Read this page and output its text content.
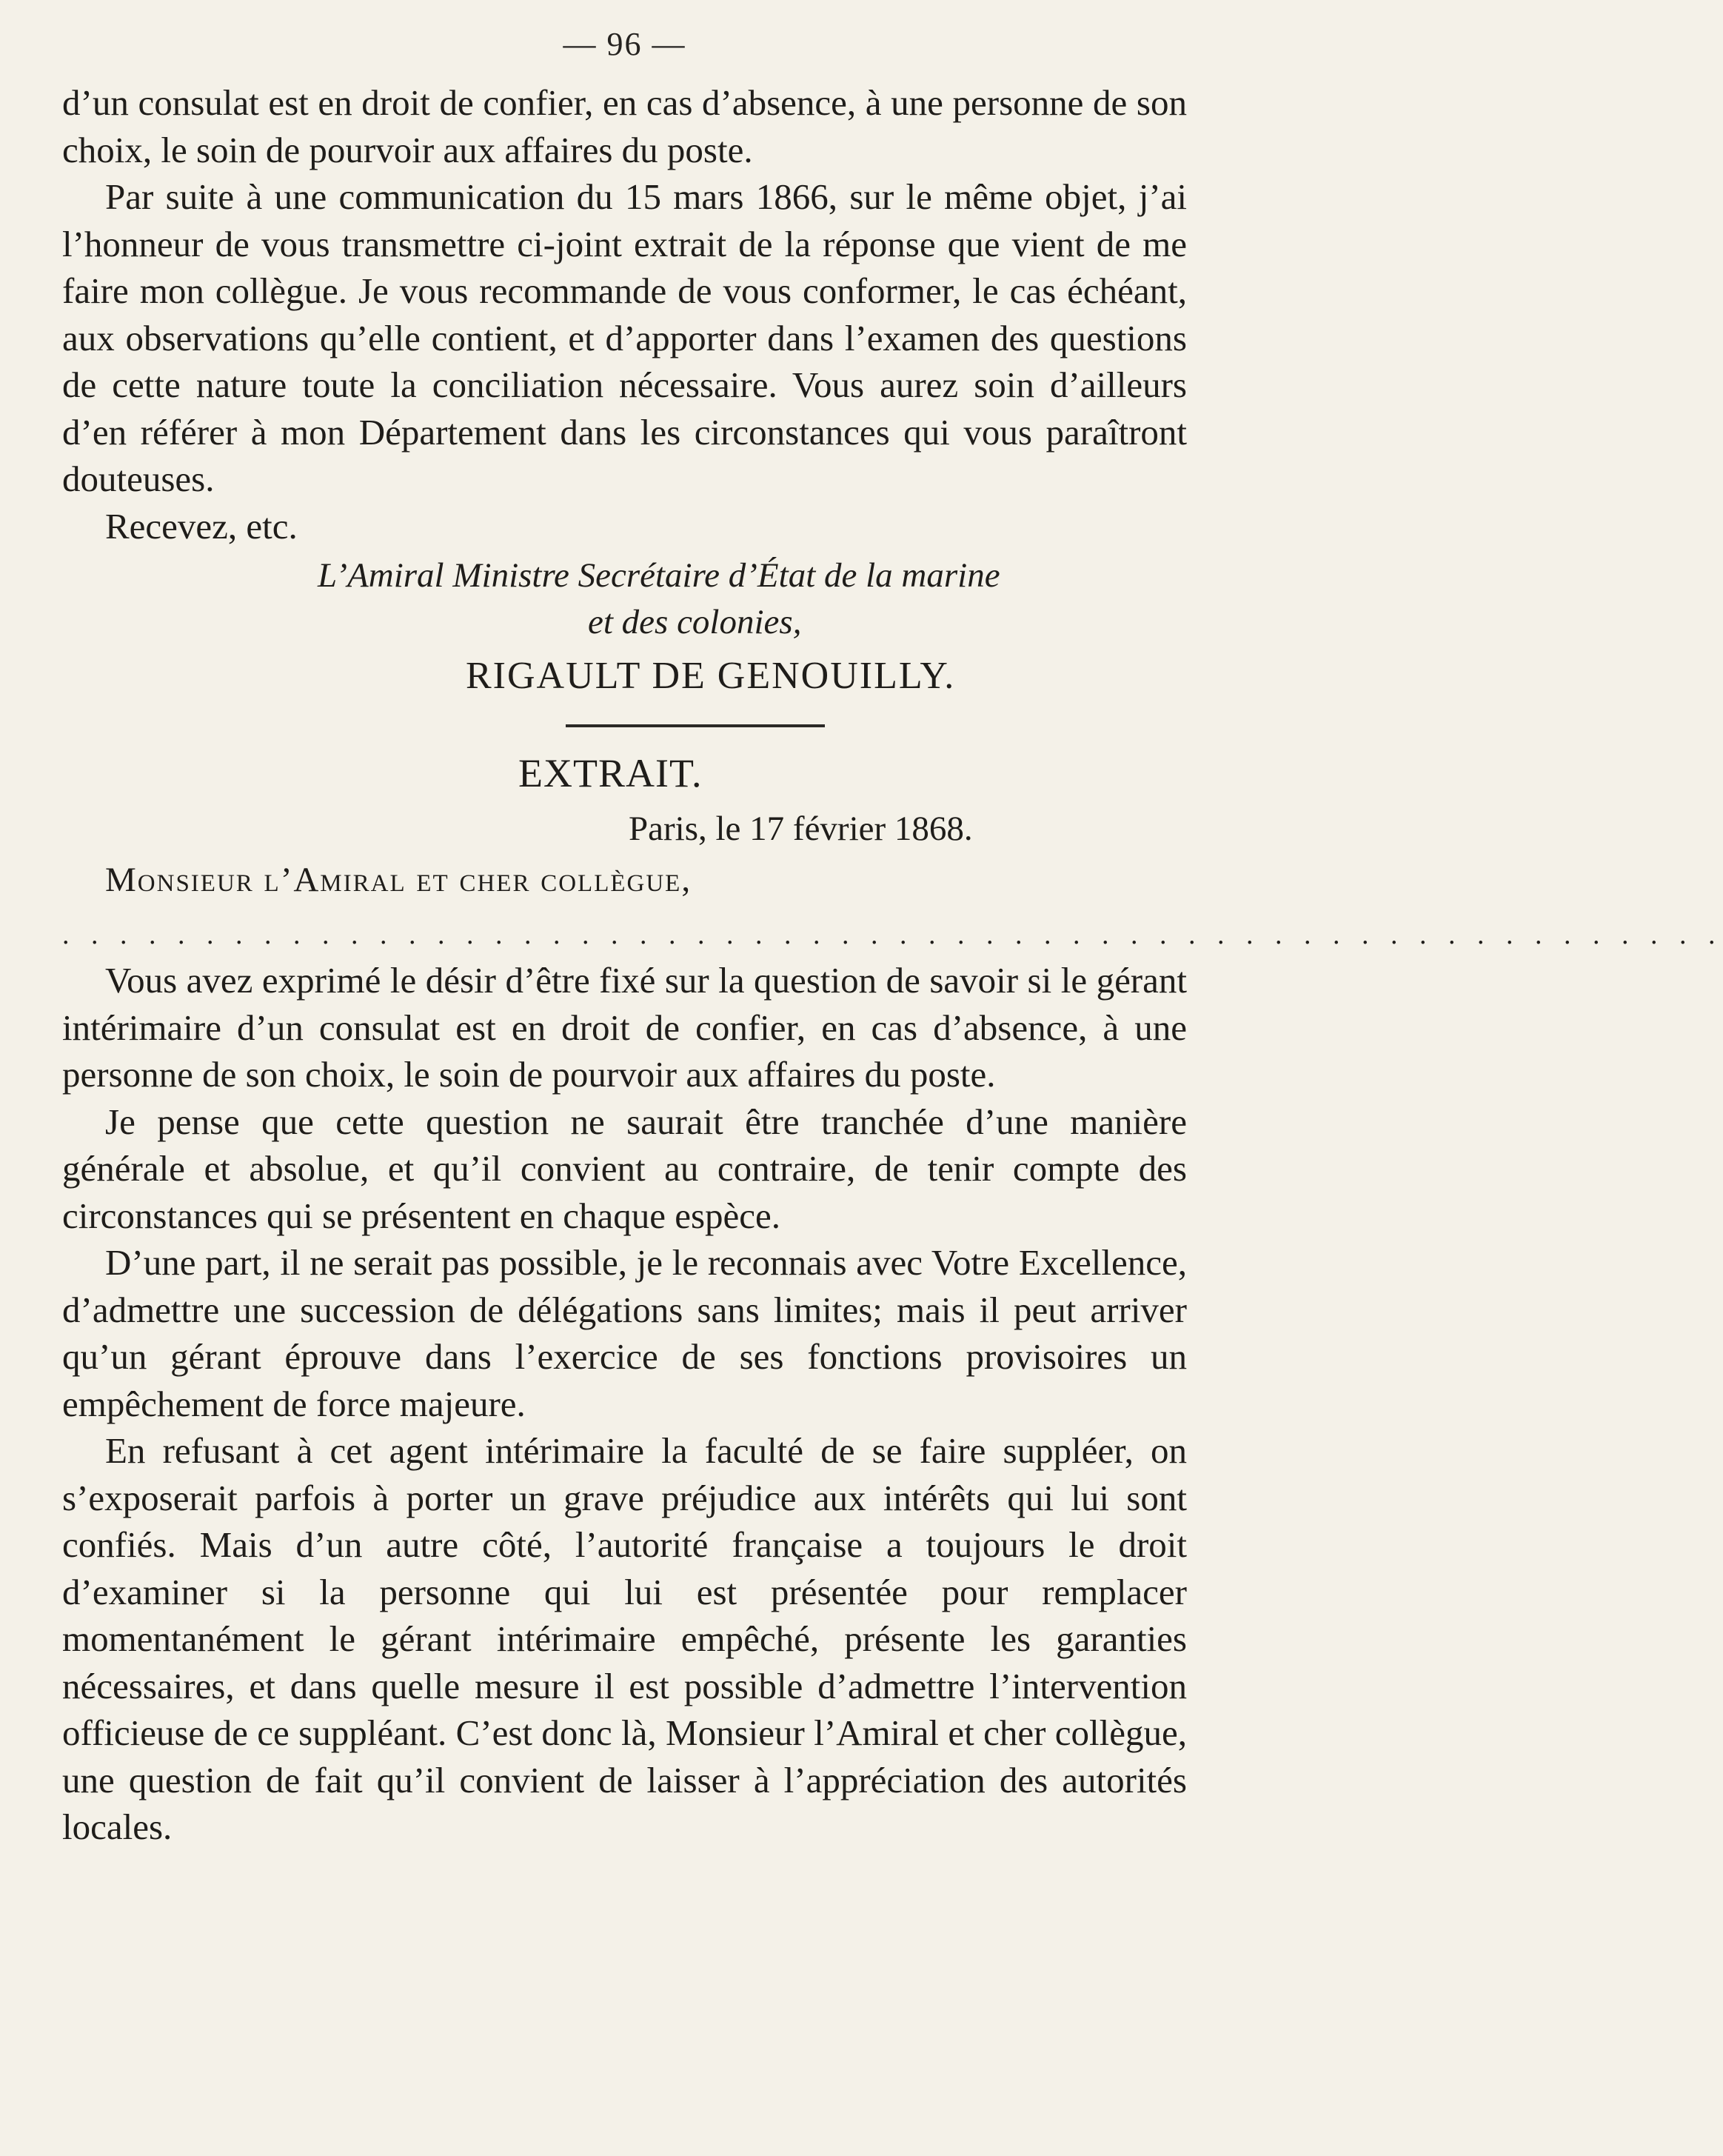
— 96 —

d’un consulat est en droit de confier, en cas d’absence, à une personne de son choix, le soin de pourvoir aux affaires du poste.

Par suite à une communication du 15 mars 1866, sur le même objet, j’ai l’honneur de vous transmettre ci-joint extrait de la réponse que vient de me faire mon collègue. Je vous recommande de vous conformer, le cas échéant, aux observations qu’elle contient, et d’apporter dans l’examen des questions de cette nature toute la conciliation nécessaire. Vous aurez soin d’ailleurs d’en référer à mon Département dans les circonstances qui vous paraîtront douteuses.

Recevez, etc.

L’Amiral Ministre Secrétaire d’État de la marine

et des colonies,

RIGAULT DE GENOUILLY.

EXTRAIT.
Paris, le 17 février 1868.
Monsieur l’Amiral et cher collègue,
. . . . . . . . . . . . . . . . . . . . . . . . . . . . . . . . . . . . . . . . . . . . . . . . . . . . . . . . . .

Vous avez exprimé le désir d’être fixé sur la question de savoir si le gérant intérimaire d’un consulat est en droit de confier, en cas d’absence, à une personne de son choix, le soin de pourvoir aux affaires du poste.

Je pense que cette question ne saurait être tranchée d’une manière générale et absolue, et qu’il convient au contraire, de tenir compte des circonstances qui se présentent en chaque espèce.

D’une part, il ne serait pas possible, je le reconnais avec Votre Excellence, d’admettre une succession de délégations sans limites; mais il peut arriver qu’un gérant éprouve dans l’exercice de ses fonctions provisoires un empêchement de force majeure.

En refusant à cet agent intérimaire la faculté de se faire suppléer, on s’exposerait parfois à porter un grave préjudice aux intérêts qui lui sont confiés. Mais d’un autre côté, l’autorité française a toujours le droit d’examiner si la personne qui lui est présentée pour remplacer momentanément le gérant intérimaire empêché, présente les garanties nécessaires, et dans quelle mesure il est possible d’admettre l’intervention officieuse de ce suppléant. C’est donc là, Monsieur l’Amiral et cher collègue, une question de fait qu’il convient de laisser à l’appréciation des autorités locales.
